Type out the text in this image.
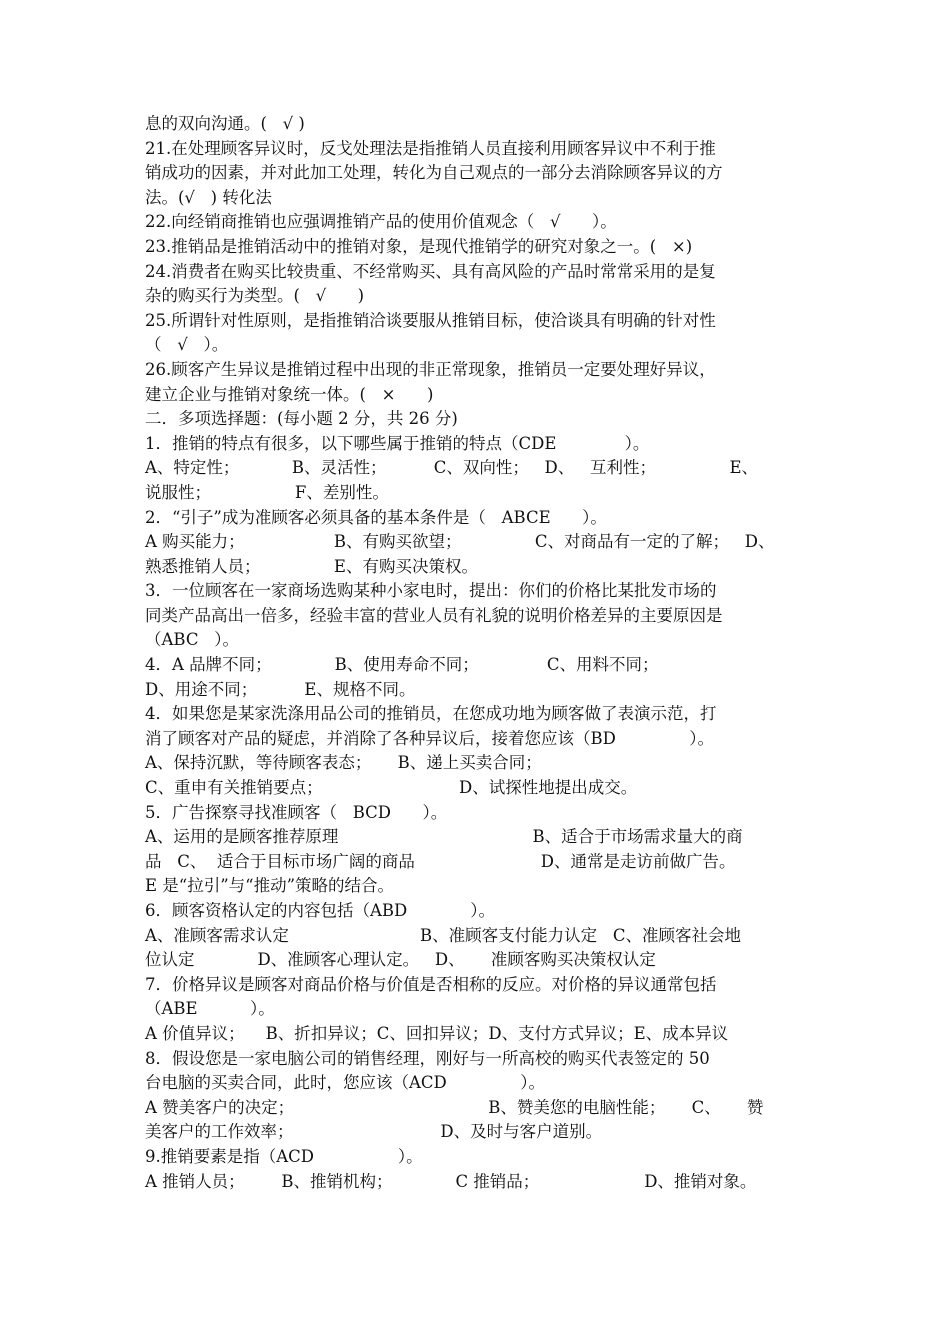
息的双向沟通。(   √ )
21.在处理顾客异议时，反戈处理法是指推销人员直接利用顾客异议中不利于推
销成功的因素，并对此加工处理，转化为自己观点的一部分去消除顾客异议的方
法。(√   ) 转化法
22.向经销商推销也应强调推销产品的使用价值观念（   √      ）。
23.推销品是推销活动中的推销对象，是现代推销学的研究对象之一。(   ×)
24.消费者在购买比较贵重、不经常购买、具有高风险的产品时常常采用的是复
杂的购买行为类型。(   √      )
25.所谓针对性原则，是指推销洽谈要服从推销目标，使洽谈具有明确的针对性
（   √   ）。
26.顾客产生异议是推销过程中出现的非正常现象，推销员一定要处理好异议，
建立企业与推销对象统一体。(   ×      )
二．多项选择题：(每小题 2 分，共 26 分)
1．推销的特点有很多，以下哪些属于推销的特点（CDE             ）。
A、特定性；          B、灵活性；         C、双向性；   D、   互利性；              E、
说服性；                F、差别性。
2．“引子”成为准顾客必须具备的基本条件是（   ABCE      ）。
A 购买能力；                 B、有购买欲望；              C、对商品有一定的了解；   D、
熟悉推销人员；              E、有购买决策权。
3．一位顾客在一家商场选购某种小家电时，提出：你们的价格比某批发市场的
同类产品高出一倍多，经验丰富的营业人员有礼貌的说明价格差异的主要原因是
（ABC   ）。
4．A 品牌不同；            B、使用寿命不同；             C、用料不同；
D、用途不同；         E、规格不同。
4．如果您是某家洗涤用品公司的推销员，在您成功地为顾客做了表演示范，打
消了顾客对产品的疑虑，并消除了各种异议后，接着您应该（BD              ）。
A、保持沉默，等待顾客表态；     B、递上买卖合同；
C、重申有关推销要点；                          D、试探性地提出成交。
5．广告探察寻找准顾客（   BCD      ）。
A、运用的是顾客推荐原理                                     B、适合于市场需求量大的商
品   C、  适合于目标市场广阔的商品                        D、通常是走访前做广告。
E 是“拉引”与“推动”策略的结合。
6．顾客资格认定的内容包括（ABD            ）。
A、准顾客需求认定                         B、准顾客支付能力认定   C、准顾客社会地
位认定            D、准顾客心理认定。   D、     准顾客购买决策权认定
7．价格异议是顾客对商品价格与价值是否相称的反应。对价格的异议通常包括
（ABE          ）。
A 价值异议；    B、折扣异议；C、回扣异议；D、支付方式异议；E、成本异议
8．假设您是一家电脑公司的销售经理，刚好与一所高校的购买代表签定的 50
台电脑的买卖合同，此时，您应该（ACD              ）。
A 赞美客户的决定；                                     B、赞美您的电脑性能；     C、     赞
美客户的工作效率；                            D、及时与客户道别。
9.推销要素是指（ACD                ）。
A 推销人员；       B、推销机构；            C 推销品；                    D、推销对象。
